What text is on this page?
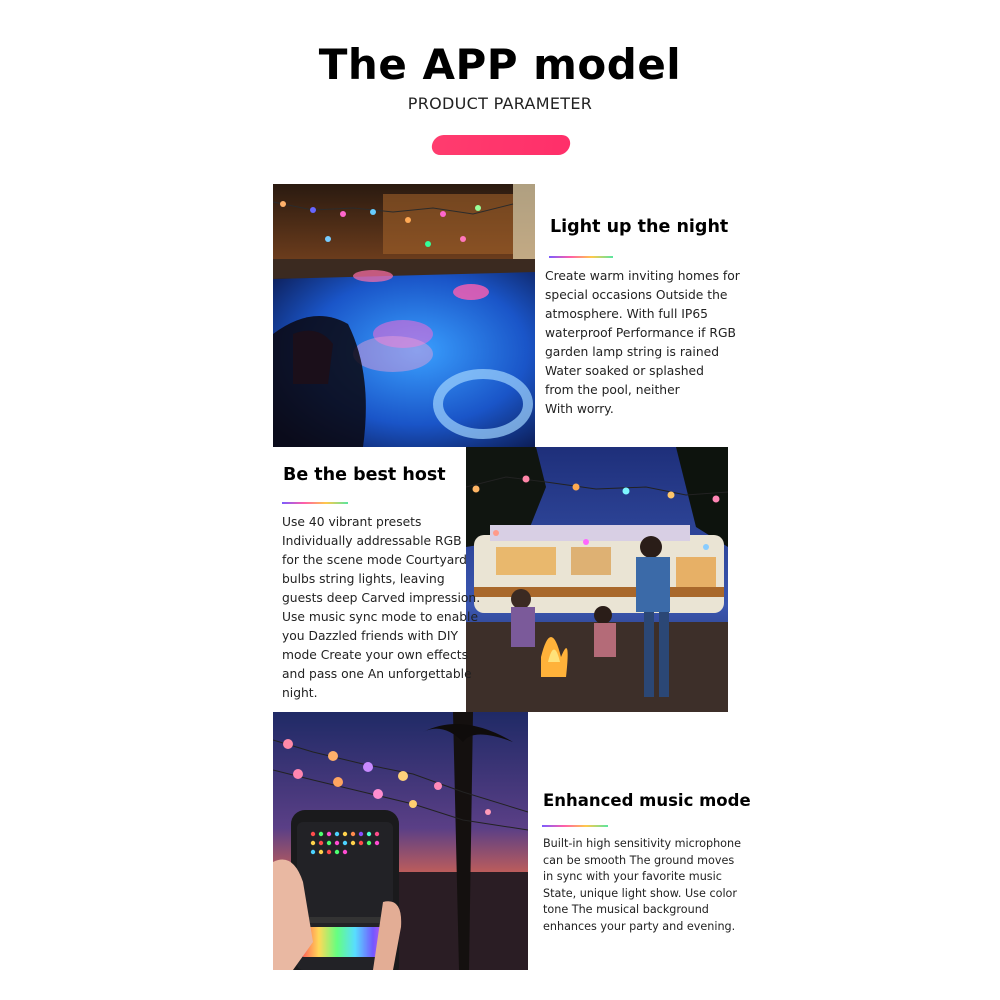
The APP model
PRODUCT PARAMETER
Light up the night
Create warm inviting homes for
special occasions Outside the
atmosphere. With full IP65
waterproof Performance if RGB
garden lamp string is rained
Water soaked or splashed
from the pool, neither
With worry.
Be the best host
Use 40 vibrant presets
Individually addressable RGB
for the scene mode Courtyard
bulbs string lights, leaving
guests deep Carved impression.
Use music sync mode to enable
you Dazzled friends with DIY
mode Create your own effects
and pass one An unforgettable
night.
Enhanced music mode
Built-in high sensitivity microphone
can be smooth The ground moves
in sync with your favorite music
State, unique light show. Use color
tone The musical background
enhances your party and evening.
